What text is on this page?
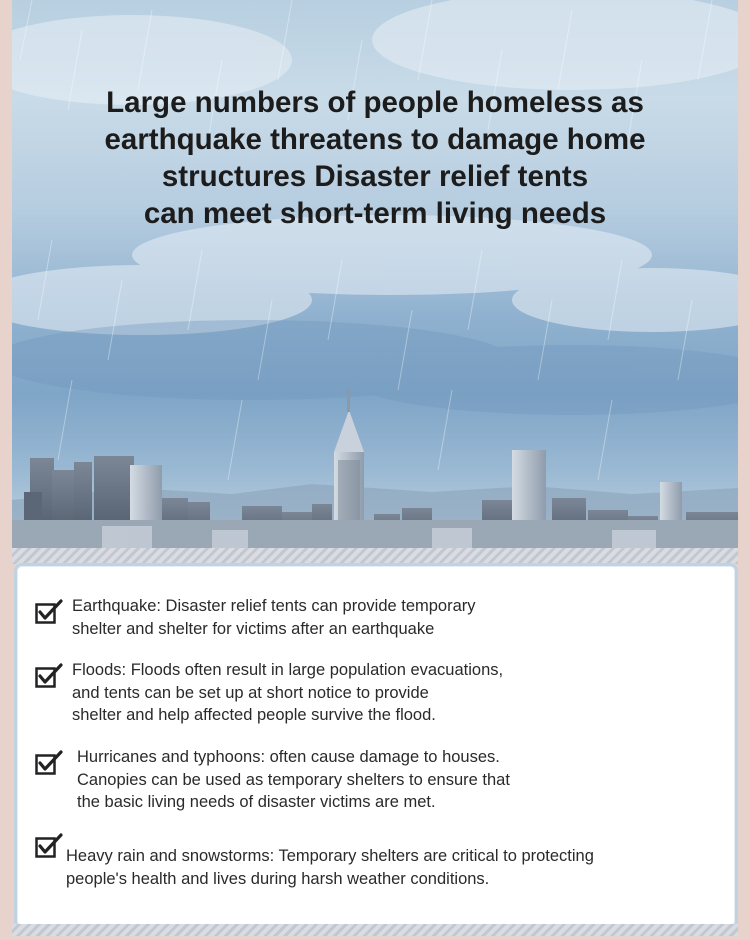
Large numbers of people homeless as
earthquake threatens to damage home
structures Disaster relief tents
can meet short-term living needs

Earthquake: Disaster relief tents can provide temporary
shelter and shelter for victims after an earthquake

Floods: Floods often result in large population evacuations,
and tents can be set up at short notice to provide
shelter and help affected people survive the flood.

Hurricanes and typhoons: often cause damage to houses.
Canopies can be used as temporary shelters to ensure that
the basic living needs of disaster victims are met.

Heavy rain and snowstorms: Temporary shelters are critical to protecting
people's health and lives during harsh weather conditions.
